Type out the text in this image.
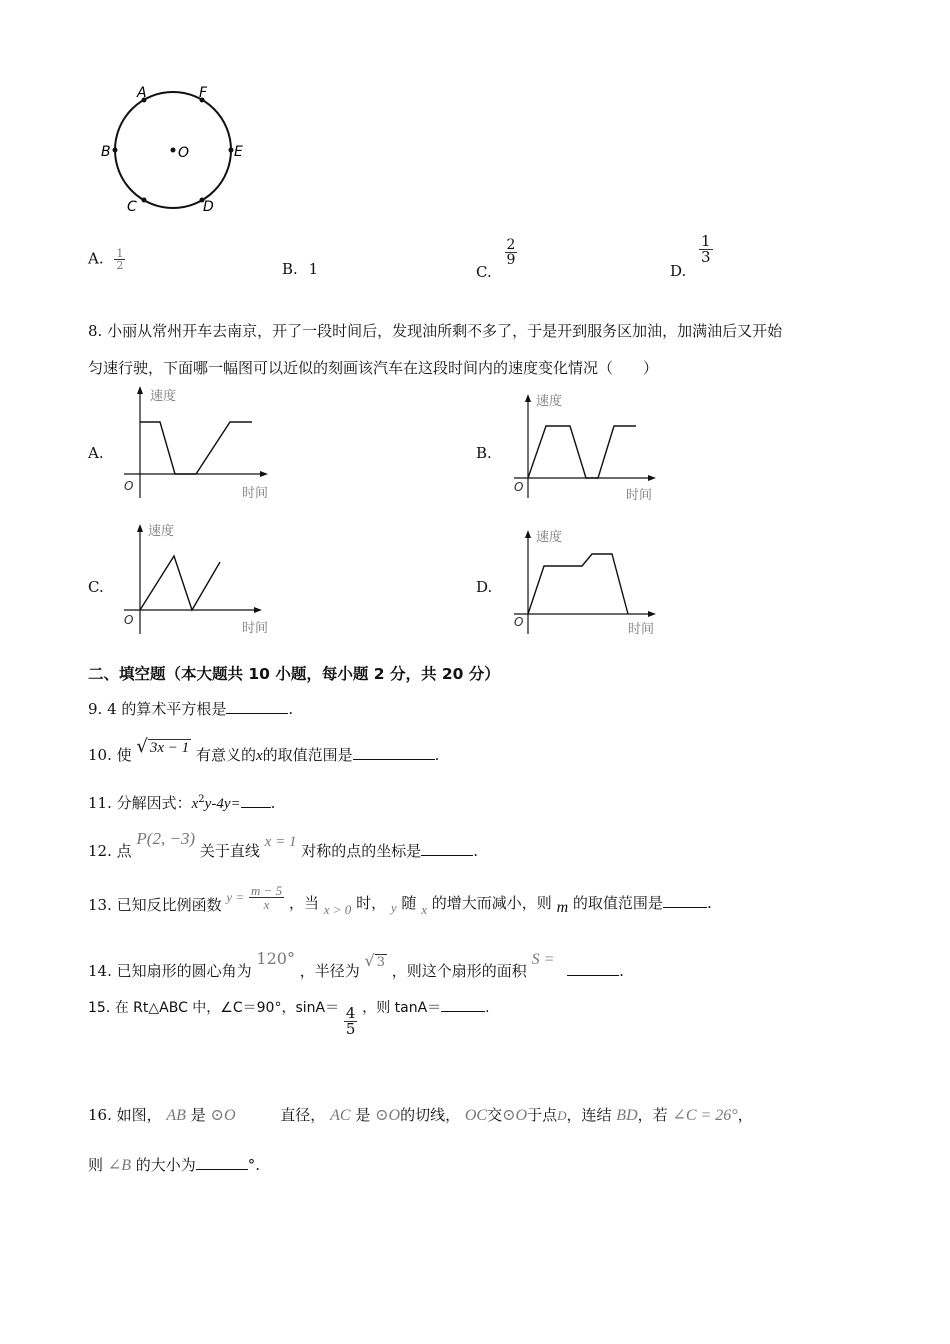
A	F
B	O	E
C	D
A. $\frac{1}{2}$	B. 1	C.
$\frac{2}{9}$
D.
$\frac{1}{3}$
8. 小丽从常州开车去南京，开了一段时间后，发现油所剩不多了，于是开到服务区加油，加满油后又开始
匀速行驶，下面哪一幅图可以近似的刻画该汽车在这段时间内的速度变化情况（　　）
A.
速度
时间
O
B.
速度
时间
O
C.
速度
时间
O
D.
速度
时间
O
二、填空题（本大题共 10 小题，每小题 2 分，共 20 分）
9. 4 的算术平方根是	.
10. 使 √ 3x − 1 有意义的x的取值范围是	.
11. 分解因式：$x^2y-4y=$ .
12. 点 P(2, −3) 关于直线 x = 1 对称的点的坐标是	.
13. 已知反比例函数 $y = \frac{m - 5}{x}$ ，当 x > 0 时， y 随 x 的增大而减小，则 m 的取值范围是	.
14. 已知扇形的圆心角为 120° ，半径为 √ 3 ，则这个扇形的面积 S = .
15. 在 Rt△ABC 中，∠C＝90°，$\sin A= \frac{4}{5}$ ，则 tanA＝	.
16. 如图， AB 是 ⊙O	直径， AC 是 ⊙O的切线， OC交⊙O于点D，连结 BD，若 ∠C = 26°，
则 ∠B 的大小为	°.
